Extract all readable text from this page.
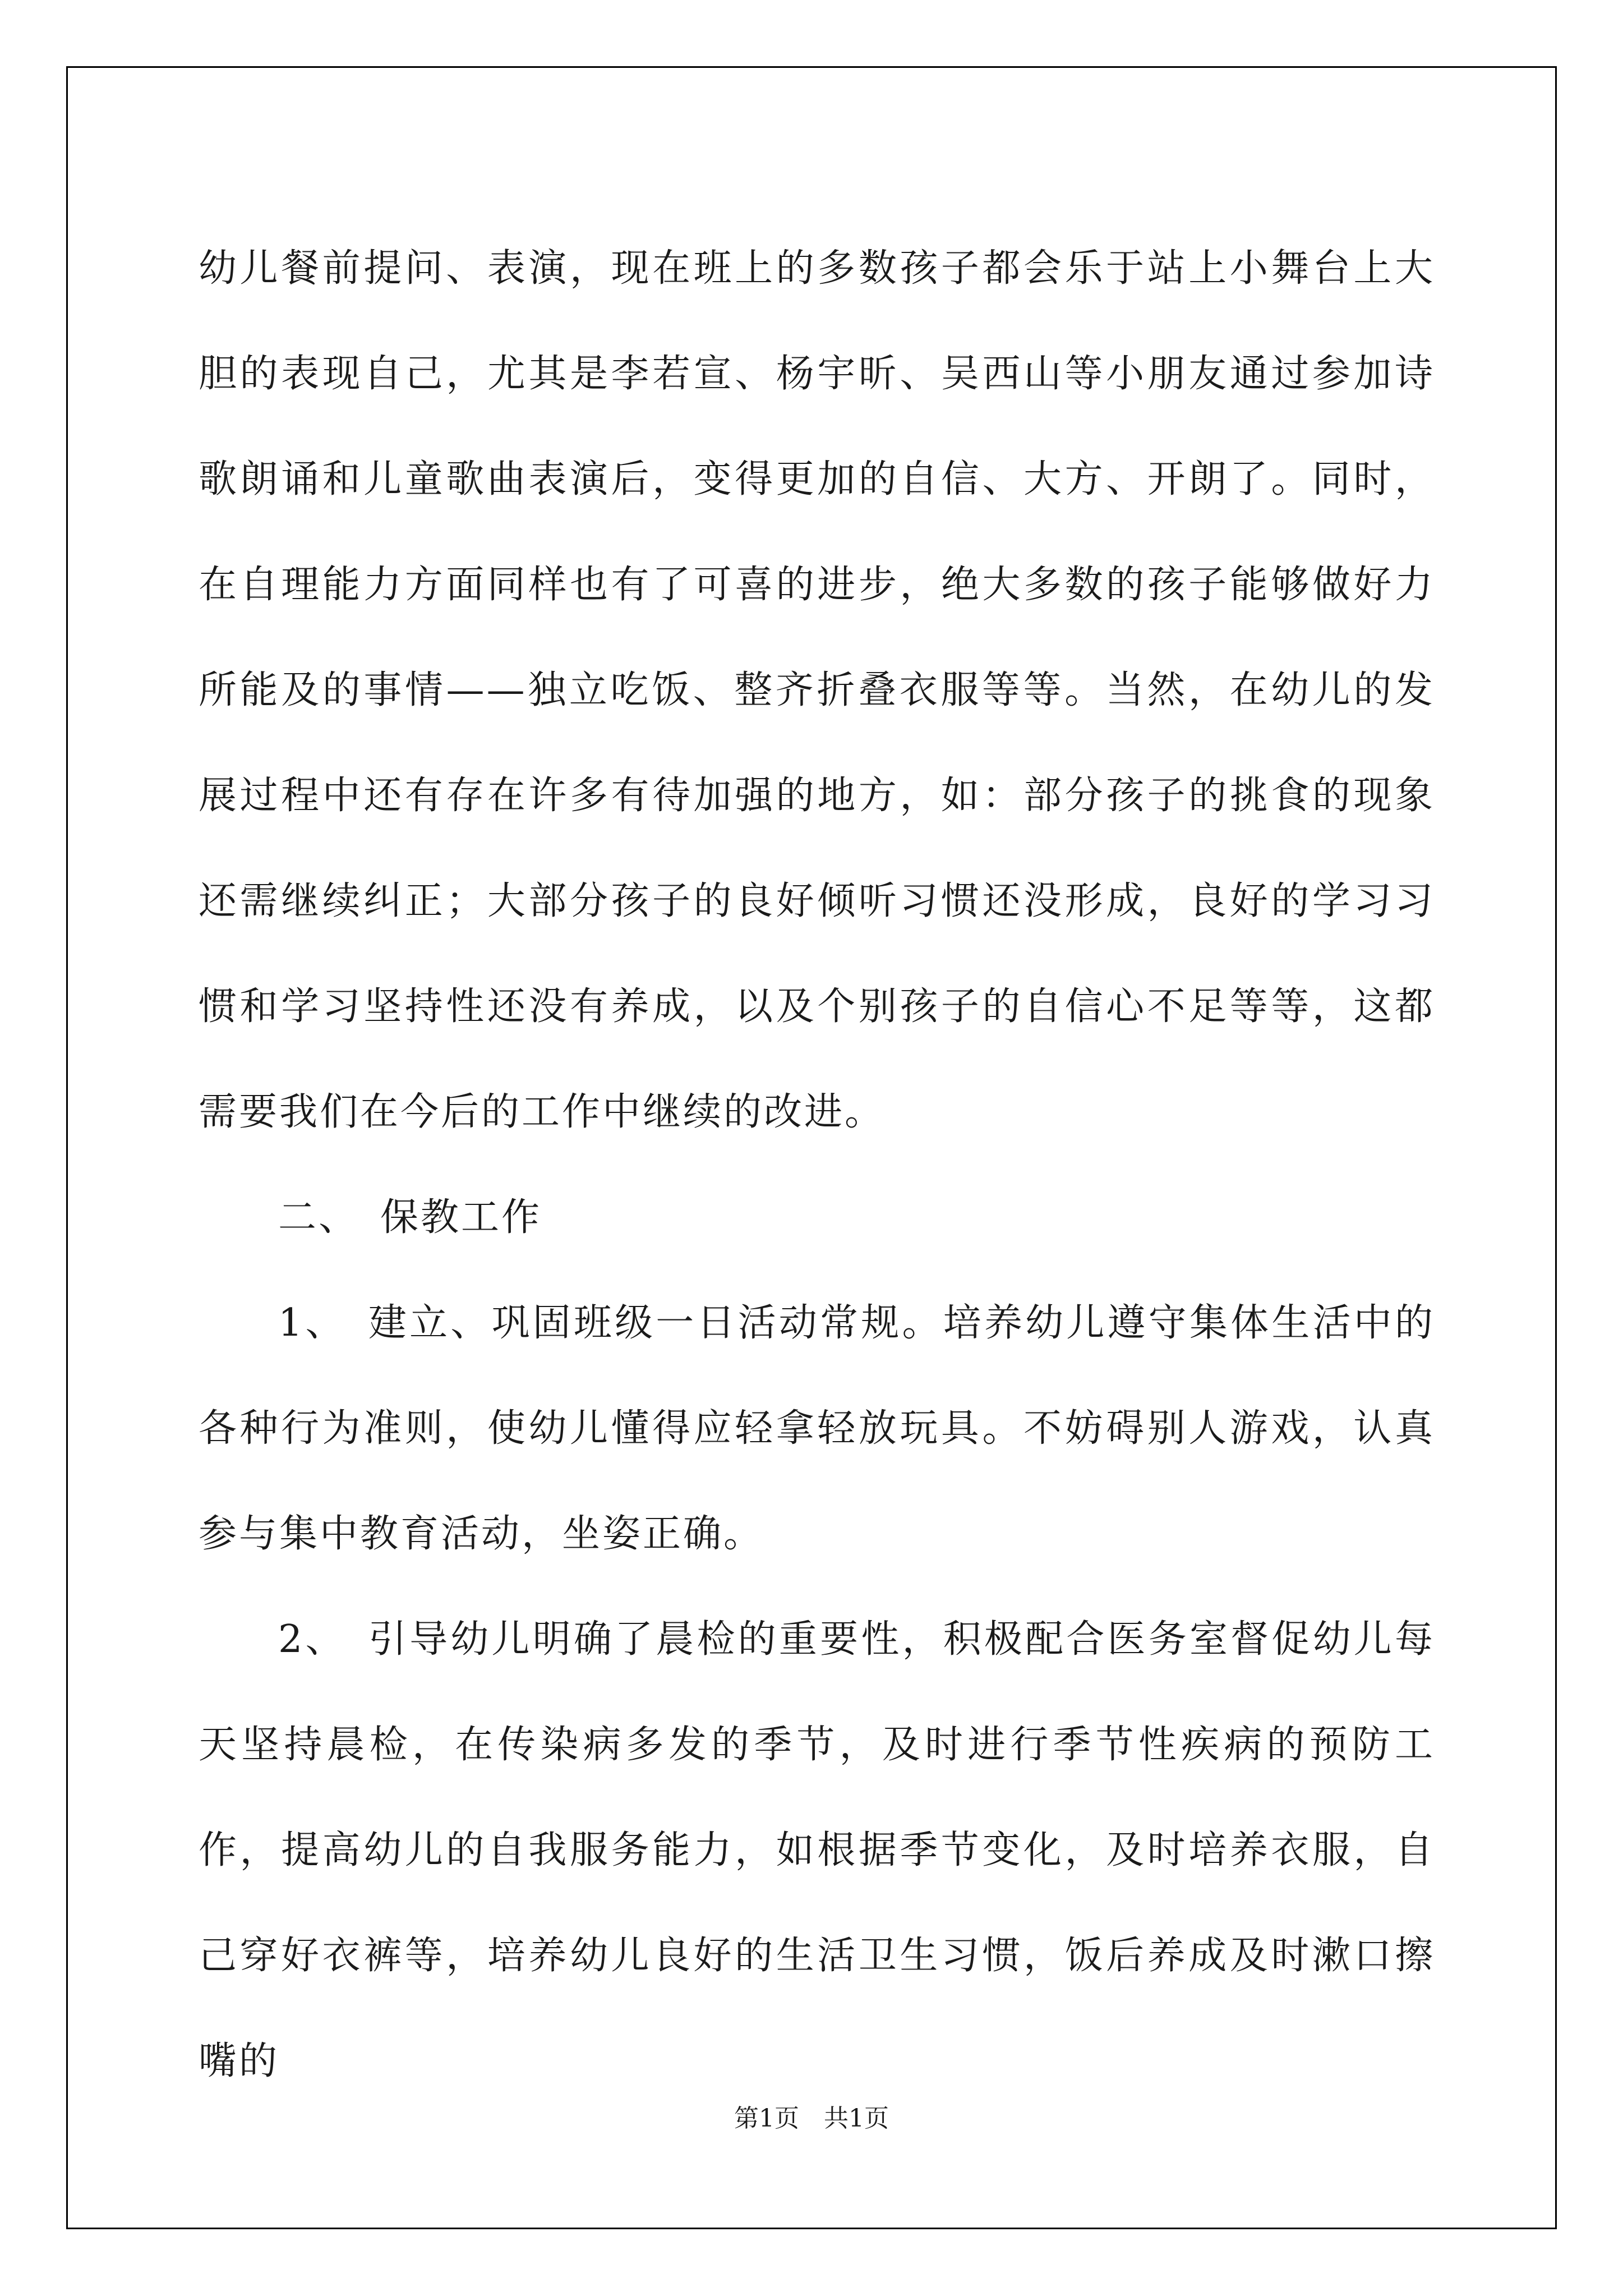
幼儿餐前提问、表演，现在班上的多数孩子都会乐于站上小舞台上大胆的表现自己，尤其是李若宣、杨宇昕、吴西山等小朋友通过参加诗歌朗诵和儿童歌曲表演后，变得更加的自信、大方、开朗了。同时，在自理能力方面同样也有了可喜的进步，绝大多数的孩子能够做好力所能及的事情——独立吃饭、整齐折叠衣服等等。当然，在幼儿的发展过程中还有存在许多有待加强的地方，如：部分孩子的挑食的现象还需继续纠正；大部分孩子的良好倾听习惯还没形成，良好的学习习惯和学习坚持性还没有养成，以及个别孩子的自信心不足等等，这都需要我们在今后的工作中继续的改进。

二、　保教工作

1、　建立、巩固班级一日活动常规。培养幼儿遵守集体生活中的各种行为准则，使幼儿懂得应轻拿轻放玩具。不妨碍别人游戏，认真参与集中教育活动，坐姿正确。

2、　引导幼儿明确了晨检的重要性，积极配合医务室督促幼儿每天坚持晨检，在传染病多发的季节，及时进行季节性疾病的预防工作，提高幼儿的自我服务能力，如根据季节变化，及时培养衣服，自己穿好衣裤等，培养幼儿良好的生活卫生习惯，饭后养成及时漱口擦嘴的

第1页　共1页
